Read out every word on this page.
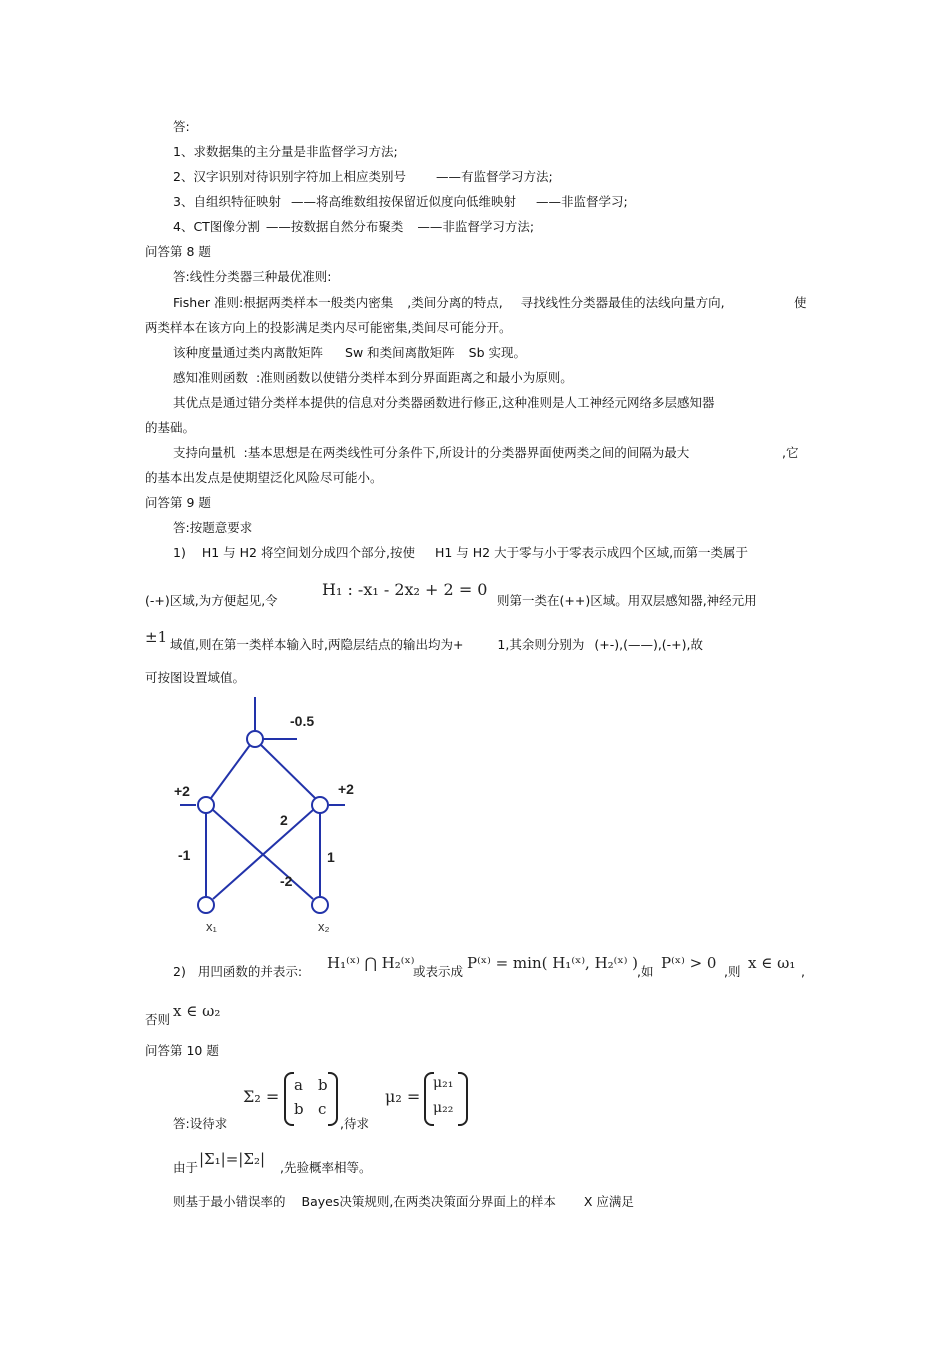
答:
1、求数据集的主分量是非监督学习方法;
2、汉字识别对待识别字符加上相应类别号 ——有监督学习方法;
3、自组织特征映射 ——将高维数组按保留近似度向低维映射 ——非监督学习;
4、CT图像分割 ——按数据自然分布聚类 ——非监督学习方法;
问答第 8 题
答:线性分类器三种最优准则:
Fisher 准则:根据两类样本一般类内密集 ,类间分离的特点, 寻找线性分类器最佳的法线向量方向,	使
两类样本在该方向上的投影满足类内尽可能密集,类间尽可能分开。
该种度量通过类内离散矩阵 Sw 和类间离散矩阵 Sb 实现。
感知准则函数 :准则函数以使错分类样本到分界面距离之和最小为原则。
其优点是通过错分类样本提供的信息对分类器函数进行修正,这种准则是人工神经元网络多层感知器
的基础。
支持向量机 :基本思想是在两类线性可分条件下,所设计的分类器界面使两类之间的间隔为最大	,它
的基本出发点是使期望泛化风险尽可能小。
问答第 9 题
答:按题意要求
1) H1 与 H2 将空间划分成四个部分,按使 H1 与 H2 大于零与小于零表示成四个区域,而第一类属于
(-+)区域,为方便起见,令
H₁ : -x₁ - 2x₂ + 2 = 0
则第一类在(++)区域。用双层感知器,神经元用
±1 域值,则在第一类样本输入时,两隐层结点的输出均为+	1,其余则分别为 (+-),(——),(-+),故
可按图设置域值。
-0.5
+2	+2
-1
-2
2
1
x₁	x₂
2) 用凹函数的并表示: H₁⁽ˣ⁾ ⋂ H₂⁽ˣ⁾
或表示成 P⁽ˣ⁾ = min( H₁⁽ˣ⁾, H₂⁽ˣ⁾ )
,如 P⁽ˣ⁾ > 0 ,则 x ∈ ω₁ ,
否则 x ∈ ω₂
问答第 10 题
Σ₂ =
a b
b c
答:设待求	,待求
μ₂ =
μ₂₁
μ₂₂
由于 |Σ₁|=|Σ₂| ,先验概率相等。
则基于最小错误率的 Bayes决策规则,在两类决策面分界面上的样本 X 应满足
